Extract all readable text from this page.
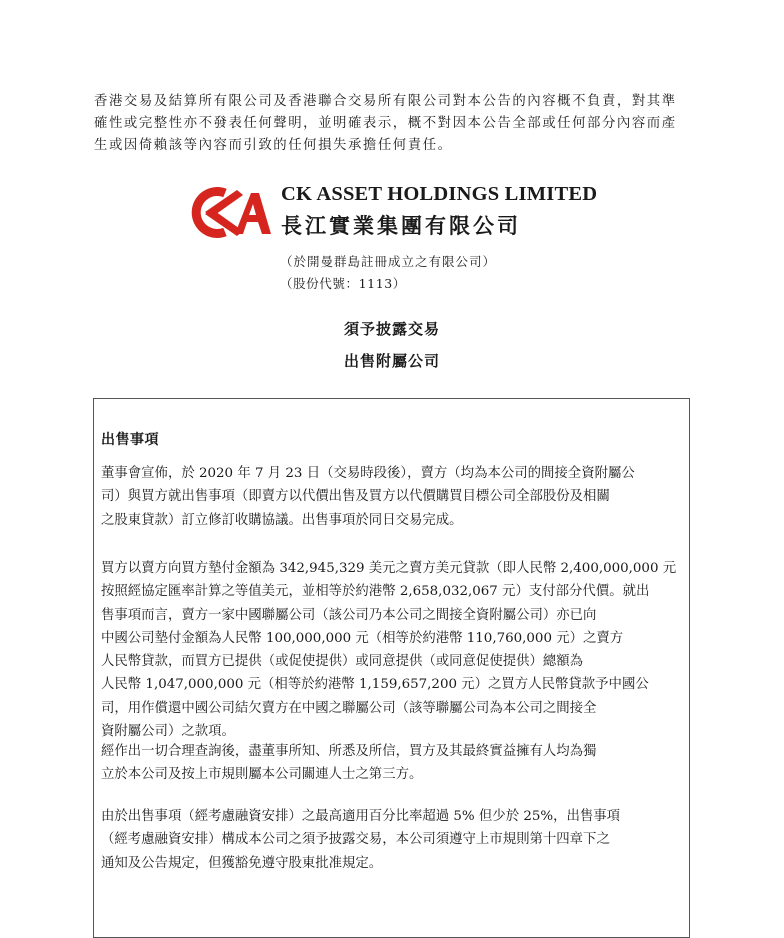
香港交易及結算所有限公司及香港聯合交易所有限公司對本公告的內容概不負責，對其準

確性或完整性亦不發表任何聲明，並明確表示，概不對因本公告全部或任何部分內容而產

生或因倚賴該等內容而引致的任何損失承擔任何責任。

CK ASSET HOLDINGS LIMITED
長江實業集團有限公司
（於開曼群島註冊成立之有限公司）
（股份代號：1113）
須予披露交易
出售附屬公司
出售事項

董事會宣佈，於 2020 年 7 月 23 日（交易時段後），賣方（均為本公司的間接全資附屬公

司）與買方就出售事項（即賣方以代價出售及買方以代價購買目標公司全部股份及相關

之股東貸款）訂立修訂收購協議。出售事項於同日交易完成。

買方以賣方向買方墊付金額為 342,945,329 美元之賣方美元貸款（即人民幣 2,400,000,000 元

按照經協定匯率計算之等值美元，並相等於約港幣 2,658,032,067 元）支付部分代價。就出

售事項而言，賣方一家中國聯屬公司（該公司乃本公司之間接全資附屬公司）亦已向

中國公司墊付金額為人民幣 100,000,000 元（相等於約港幣 110,760,000 元）之賣方

人民幣貸款，而買方已提供（或促使提供）或同意提供（或同意促使提供）總額為

人民幣 1,047,000,000 元（相等於約港幣 1,159,657,200 元）之買方人民幣貸款予中國公

司，用作償還中國公司結欠賣方在中國之聯屬公司（該等聯屬公司為本公司之間接全

資附屬公司）之款項。

經作出一切合理查詢後，盡董事所知、所悉及所信，買方及其最終實益擁有人均為獨

立於本公司及按上市規則屬本公司關連人士之第三方。

由於出售事項（經考慮融資安排）之最高適用百分比率超過 5% 但少於 25%，出售事項

（經考慮融資安排）構成本公司之須予披露交易，本公司須遵守上市規則第十四章下之

通知及公告規定，但獲豁免遵守股東批准規定。
